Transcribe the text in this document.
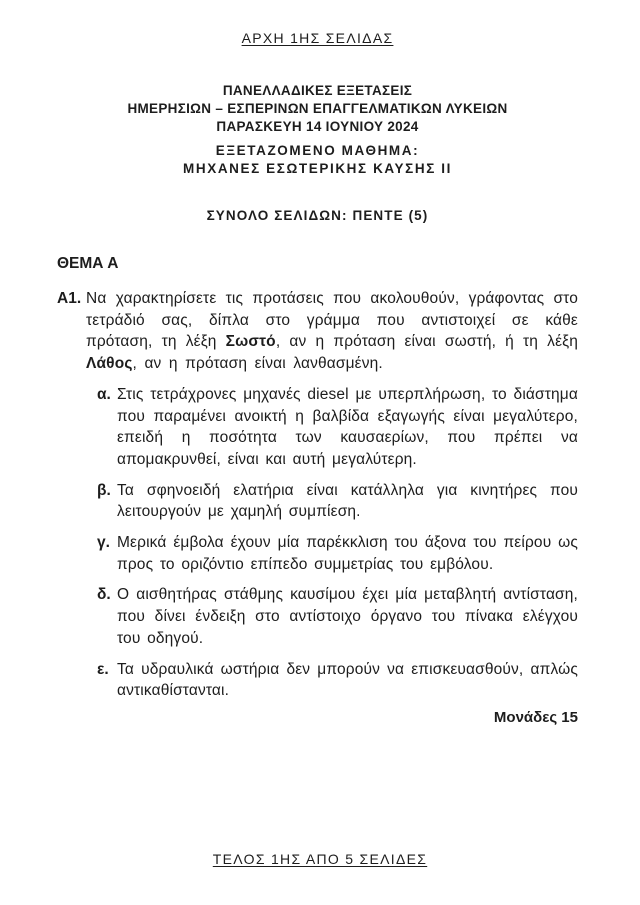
ΑΡΧΗ 1ΗΣ ΣΕΛΙΔΑΣ
ΠΑΝΕΛΛΑΔΙΚΕΣ ΕΞΕΤΑΣΕΙΣ
ΗΜΕΡΗΣΙΩΝ – ΕΣΠΕΡΙΝΩΝ ΕΠΑΓΓΕΛΜΑΤΙΚΩΝ ΛΥΚΕΙΩΝ
ΠΑΡΑΣΚΕΥΗ 14 ΙΟΥΝΙΟΥ 2024
ΕΞΕΤΑΖΟΜΕΝΟ ΜΑΘΗΜΑ:
ΜΗΧΑΝΕΣ ΕΣΩΤΕΡΙΚΗΣ ΚΑΥΣΗΣ ΙΙ
ΣΥΝΟΛΟ ΣΕΛΙΔΩΝ: ΠΕΝΤΕ (5)
ΘΕΜΑ Α
Α1. Να χαρακτηρίσετε τις προτάσεις που ακολουθούν, γράφοντας στο τετράδιό σας, δίπλα στο γράμμα που αντιστοιχεί σε κάθε πρόταση, τη λέξη Σωστό, αν η πρόταση είναι σωστή, ή τη λέξη Λάθος, αν η πρόταση είναι λανθασμένη.
α. Στις τετράχρονες μηχανές diesel με υπερπλήρωση, το διάστημα που παραμένει ανοικτή η βαλβίδα εξαγωγής είναι μεγαλύτερο, επειδή η ποσότητα των καυσαερίων, που πρέπει να απομακρυνθεί, είναι και αυτή μεγαλύτερη.
β. Τα σφηνοειδή ελατήρια είναι κατάλληλα για κινητήρες που λειτουργούν με χαμηλή συμπίεση.
γ. Μερικά έμβολα έχουν μία παρέκκλιση του άξονα του πείρου ως προς το οριζόντιο επίπεδο συμμετρίας του εμβόλου.
δ. Ο αισθητήρας στάθμης καυσίμου έχει μία μεταβλητή αντίσταση, που δίνει ένδειξη στο αντίστοιχο όργανο του πίνακα ελέγχου του οδηγού.
ε. Τα υδραυλικά ωστήρια δεν μπορούν να επισκευασθούν, απλώς αντικαθίστανται.
Μονάδες 15
ΤΕΛΟΣ 1ΗΣ ΑΠΟ 5 ΣΕΛΙΔΕΣ
